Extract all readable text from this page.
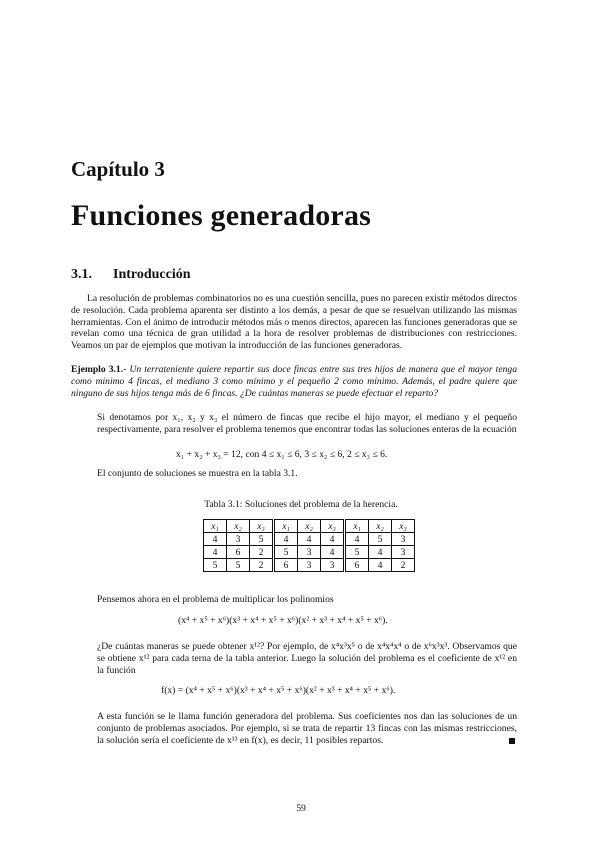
Capítulo 3
Funciones generadoras
3.1. Introducción
La resolución de problemas combinatorios no es una cuestión sencilla, pues no parecen existir métodos directos de resolución. Cada problema aparenta ser distinto a los demás, a pesar de que se resuelvan utilizando las mismas herramientas. Con el ánimo de introducir métodos más o menos directos, aparecen las funciones generadoras que se revelan como una técnica de gran utilidad a la hora de resolver problemas de distribuciones con restricciones. Veamos un par de ejemplos que motivan la introducción de las funciones generadoras.
Ejemplo 3.1.- Un terrateniente quiere repartir sus doce fincas entre sus tres hijos de manera que el mayor tenga como mínimo 4 fincas, el mediano 3 como mínimo y el pequeño 2 como mínimo. Además, el padre quiere que ninguno de sus hijos tenga más de 6 fincas. ¿De cuántas maneras se puede efectuar el reparto?
Si denotamos por x₁, x₂ y x₃ el número de fincas que recibe el hijo mayor, el mediano y el pequeño respectivamente, para resolver el problema tenemos que encontrar todas las soluciones enteras de la ecuación
x₁ + x₂ + x₃ = 12, con 4 ≤ x₁ ≤ 6, 3 ≤ x₂ ≤ 6, 2 ≤ x₃ ≤ 6.
El conjunto de soluciones se muestra en la tabla 3.1.
Tabla 3.1: Soluciones del problema de la herencia.
x₁	x₂	x₃	x₁	x₂	x₃	x₁	x₂	x₃
4	3	5	4	4	4	4	5	3
4	6	2	5	3	4	5	4	3
5	5	2	6	3	3	6	4	2
Pensemos ahora en el problema de multiplicar los polinomios
(x⁴ + x⁵ + x⁶)(x³ + x⁴ + x⁵ + x⁶)(x² + x³ + x⁴ + x⁵ + x⁶).
¿De cuántas maneras se puede obtener x¹²? Por ejemplo, de x⁴x³x⁵ o de x⁴x⁴x⁴ o de x⁶x³x³. Observamos que se obtiene x¹² para cada terna de la tabla anterior. Luego la solución del problema es el coeficiente de x¹² en la función
f(x) = (x⁴ + x⁵ + x⁶)(x³ + x⁴ + x⁵ + x⁶)(x² + x³ + x⁴ + x⁵ + x⁶).
A esta función se le llama función generadora del problema. Sus coeficientes nos dan las soluciones de un conjunto de problemas asociados. Por ejemplo, si se trata de repartir 13 fincas con las mismas restricciones, la solución sería el coeficiente de x¹³ en f(x), es decir, 11 posibles repartos.
59
